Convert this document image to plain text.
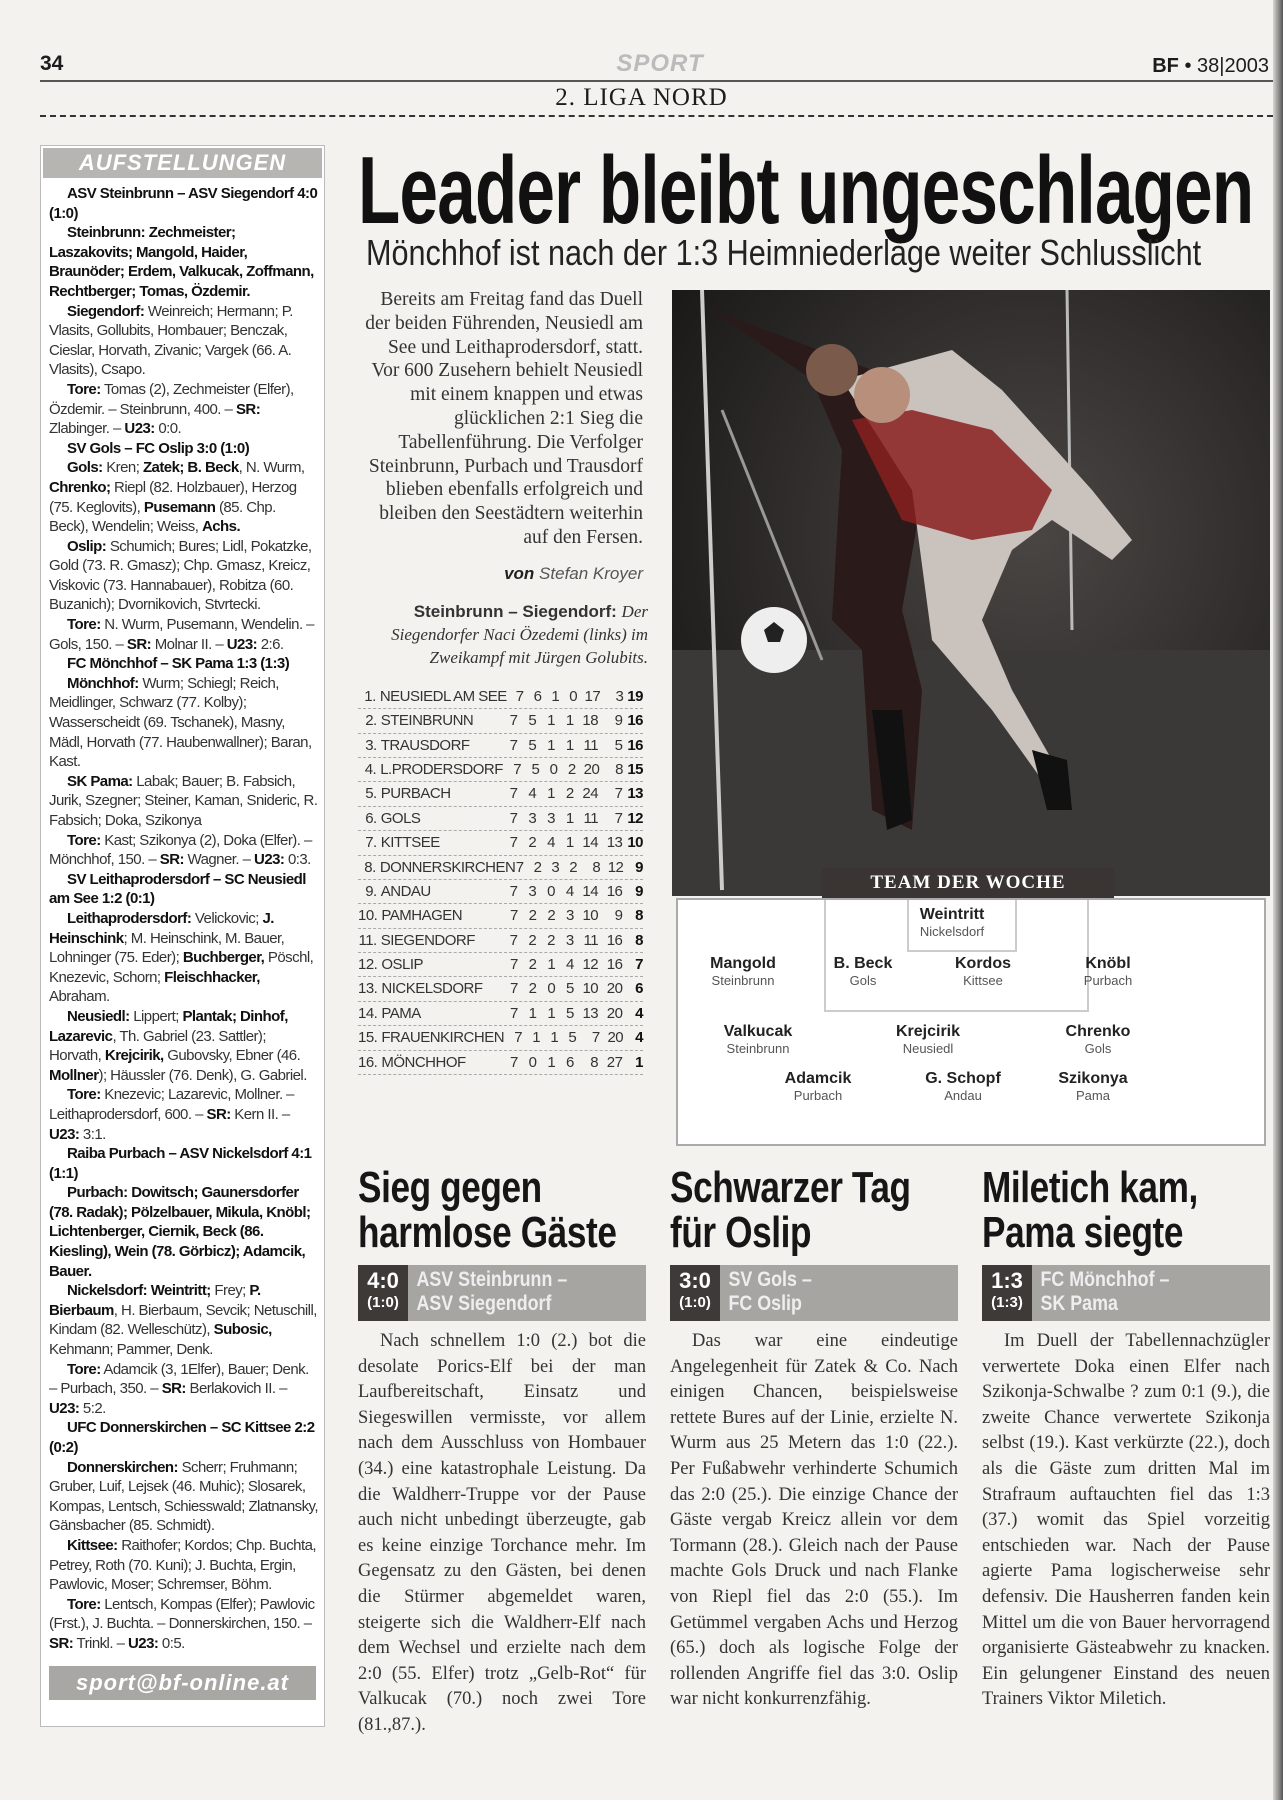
34	SPORT	BF • 38|2003
2. LIGA NORD
AUFSTELLUNGEN

ASV Steinbrunn – ASV Siegendorf 4:0 (1:0)

Steinbrunn: Zechmeister; Laszakovits; Mangold, Haider, Braunöder; Erdem, Valkucak, Zoffmann, Rechtberger; Tomas, Özdemir.

Siegendorf: Weinreich; Hermann; P. Vlasits, Gollubits, Hombauer; Benczak, Cieslar, Horvath, Zivanic; Vargek (66. A. Vlasits), Csapo.

Tore: Tomas (2), Zechmeister (Elfer), Özdemir. – Steinbrunn, 400. – SR: Zlabinger. – U23: 0:0.

SV Gols – FC Oslip 3:0 (1:0)

Gols: Kren; Zatek; B. Beck, N. Wurm, Chrenko; Riepl (82. Holzbauer), Herzog (75. Keglovits), Pusemann (85. Chp. Beck), Wendelin; Weiss, Achs.

Oslip: Schumich; Bures; Lidl, Pokatzke, Gold (73. R. Gmasz); Chp. Gmasz, Kreicz, Viskovic (73. Hannabauer), Robitza (60. Buzanich); Dvornikovich, Stvrtecki.

Tore: N. Wurm, Pusemann, Wendelin. – Gols, 150. – SR: Molnar II. – U23: 2:6.

FC Mönchhof – SK Pama 1:3 (1:3)

Mönchhof: Wurm; Schiegl; Reich, Meidlinger, Schwarz (77. Kolby); Wasserscheidt (69. Tschanek), Masny, Mädl, Horvath (77. Haubenwallner); Baran, Kast.

SK Pama: Labak; Bauer; B. Fabsich, Jurik, Szegner; Steiner, Kaman, Snideric, R. Fabsich; Doka, Szikonya

Tore: Kast; Szikonya (2), Doka (Elfer). – Mönchhof, 150. – SR: Wagner. – U23: 0:3.

SV Leithaprodersdorf – SC Neusiedl am See 1:2 (0:1)

Leithaprodersdorf: Velickovic; J. Heinschink; M. Heinschink, M. Bauer, Lohninger (75. Eder); Buchberger, Pöschl, Knezevic, Schorn; Fleischhacker, Abraham.

Neusiedl: Lippert; Plantak; Dinhof, Lazarevic, Th. Gabriel (23. Sattler); Horvath, Krejcirik, Gubovsky, Ebner (46. Mollner); Häussler (76. Denk), G. Gabriel.

Tore: Knezevic; Lazarevic, Mollner. – Leithaprodersdorf, 600. – SR: Kern II. – U23: 3:1.

Raiba Purbach – ASV Nickelsdorf 4:1 (1:1)

Purbach: Dowitsch; Gaunersdorfer (78. Radak); Pölzelbauer, Mikula, Knöbl; Lichtenberger, Ciernik, Beck (86. Kiesling), Wein (78. Görbicz); Adamcik, Bauer.

Nickelsdorf: Weintritt; Frey; P. Bierbaum, H. Bierbaum, Sevcik; Netuschill, Kindam (82. Welleschütz), Subosic, Kehmann; Pammer, Denk.

Tore: Adamcik (3, 1Elfer), Bauer; Denk. – Purbach, 350. – SR: Berlakovich II. – U23: 5:2.

UFC Donnerskirchen – SC Kittsee 2:2 (0:2)

Donnerskirchen: Scherr; Fruhmann; Gruber, Luif, Lejsek (46. Muhic); Slosarek, Kompas, Lentsch, Schiesswald; Zlatnansky, Gänsbacher (85. Schmidt).

Kittsee: Raithofer; Kordos; Chp. Buchta, Petrey, Roth (70. Kuni); J. Buchta, Ergin, Pawlovic, Moser; Schremser, Böhm.

Tore: Lentsch, Kompas (Elfer); Pawlovic (Frst.), J. Buchta. – Donnerskirchen, 150. – SR: Trinkl. – U23: 0:5.

sport@bf-online.at
Leader bleibt ungeschlagen
Mönchhof ist nach der 1:3 Heimniederlage weiter Schlusslicht
Bereits am Freitag fand das Duell der beiden Führenden, Neusiedl am See und Leithaprodersdorf, statt. Vor 600 Zusehern behielt Neusiedl mit einem knappen und etwas glücklichen 2:1 Sieg die Tabellenführung. Die Verfolger Steinbrunn, Purbach und Trausdorf blieben ebenfalls erfolgreich und bleiben den Seestädtern weiterhin auf den Fersen.
von Stefan Kroyer
Steinbrunn – Siegendorf: Der Siegendorfer Naci Özedemi (links) im Zweikampf mit Jürgen Golubits.
1. NEUSIEDL AM SEE 7 6 1 0 17	3 19
2. STEINBRUNN	7 5 1 1 18	9 16
3. TRAUSDORF	7 5 1 1 11	5 16
4. L.PRODERSDORF 7 5 0 2 20	8 15
5. PURBACH	7 4 1 2 24	7 13
6. GOLS	7 3 3 1 11	7 12
7. KITTSEE	7 2 4 1 14 13 10
8. DONNERSKIRCHEN 7 2 3 2	8 12 9
9. ANDAU	7 3 0 4 14 16 9
10. PAMHAGEN	7 2 2 3 10	9 8
11. SIEGENDORF	7 2 2 3 11 16 8
12. OSLIP	7 2 1 4 12 16 7
13. NICKELSDORF	7 2 0 5 10 20 6
14. PAMA	7 1 1 5 13 20 4
15. FRAUENKIRCHEN 7 1 1 5	7 20 4
16. MÖNCHHOF	7 0 1 6	8 27 1
TEAM DER WOCHE
Weintritt
Nickelsdorf
Mangold
Steinbrunn
B. Beck
Gols
Kordos
Kittsee
Knöbl
Purbach
Valkucak
Steinbrunn
Krejcirik
Neusiedl
Chrenko
Gols
Adamcik
Purbach
G. Schopf
Andau
Szikonya
Pama
Sieg gegen harmlose Gäste
4:0
(1:0)
ASV Steinbrunn –
ASV Siegendorf
Nach schnellem 1:0 (2.) bot die desolate Porics-Elf bei der man Laufbereitschaft, Einsatz und Siegeswillen vermisste, vor allem nach dem Ausschluss von Hombauer (34.) eine katastrophale Leistung. Da die Waldherr-Truppe vor der Pause auch nicht unbedingt überzeugte, gab es keine einzige Torchance mehr. Im Gegensatz zu den Gästen, bei denen die Stürmer abgemeldet waren, steigerte sich die Waldherr-Elf nach dem Wechsel und erzielte nach dem 2:0 (55. Elfer) trotz „Gelb-Rot“ für Valkucak (70.) noch zwei Tore (81.,87.).
Schwarzer Tag für Oslip
3:0
(1:0)
SV Gols –
FC Oslip
Das war eine eindeutige Angelegenheit für Zatek & Co. Nach einigen Chancen, beispielsweise rettete Bures auf der Linie, erzielte N. Wurm aus 25 Metern das 1:0 (22.). Per Fußabwehr verhinderte Schumich das 2:0 (25.). Die einzige Chance der Gäste vergab Kreicz allein vor dem Tormann (28.). Gleich nach der Pause machte Gols Druck und nach Flanke von Riepl fiel das 2:0 (55.). Im Getümmel vergaben Achs und Herzog (65.) doch als logische Folge der rollenden Angriffe fiel das 3:0. Oslip war nicht konkurrenzfähig.
Miletich kam, Pama siegte
1:3
(1:3)
FC Mönchhof –
SK Pama
Im Duell der Tabellennachzügler verwertete Doka einen Elfer nach Szikonja-Schwalbe ? zum 0:1 (9.), die zweite Chance verwertete Szikonja selbst (19.). Kast verkürzte (22.), doch als die Gäste zum dritten Mal im Strafraum auftauchten fiel das 1:3 (37.) womit das Spiel vorzeitig entschieden war. Nach der Pause agierte Pama logischerweise sehr defensiv. Die Hausherren fanden kein Mittel um die von Bauer hervorragend organisierte Gästeabwehr zu knacken. Ein gelungener Einstand des neuen Trainers Viktor Miletich.
